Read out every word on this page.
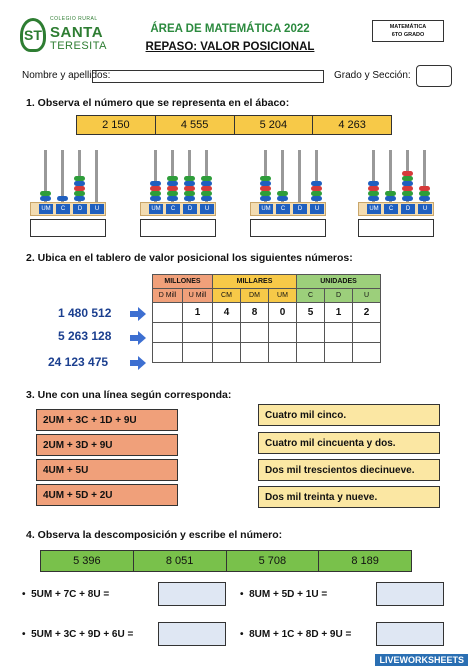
ST
COLEGIO RURAL
SANTA
TERESITA
ÁREA DE MATEMÁTICA 2022
REPASO: VALOR POSICIONAL
MATEMÁTICA
6TO GRADO
Nombre y apellidos:	Grado y Sección:
1. Observa el número que se representa en el ábaco:
2 150	4 555	5 204	4 263
UM	C	D	U	UM	C	D	U	UM	C	D	U	UM	C	D	U
2. Ubica en el tablero de valor posicional los siguientes números:
MILLONES		MILLARES			UNIDADES		
D Mill	U Mill	CM	DM	UM	C	D	U
	1	4	8	0	5	1	2

1 480 512
5 263 128
24 123 475
3. Une con una línea según corresponda:
2UM + 3C + 1D + 9U
2UM + 3D + 9U
4UM + 5U
4UM + 5D + 2U
Cuatro mil cinco.
Cuatro mil cincuenta y dos.
Dos mil trescientos diecinueve.
Dos mil treinta y nueve.
4. Observa la descomposición y escribe el número:
5 396	8 051	5 708	8 189
•  5UM + 7C + 8U =	•  8UM + 5D + 1U =
•  5UM + 3C + 9D + 6U =	•  8UM + 1C + 8D + 9U =
LIVEWORKSHEETS
